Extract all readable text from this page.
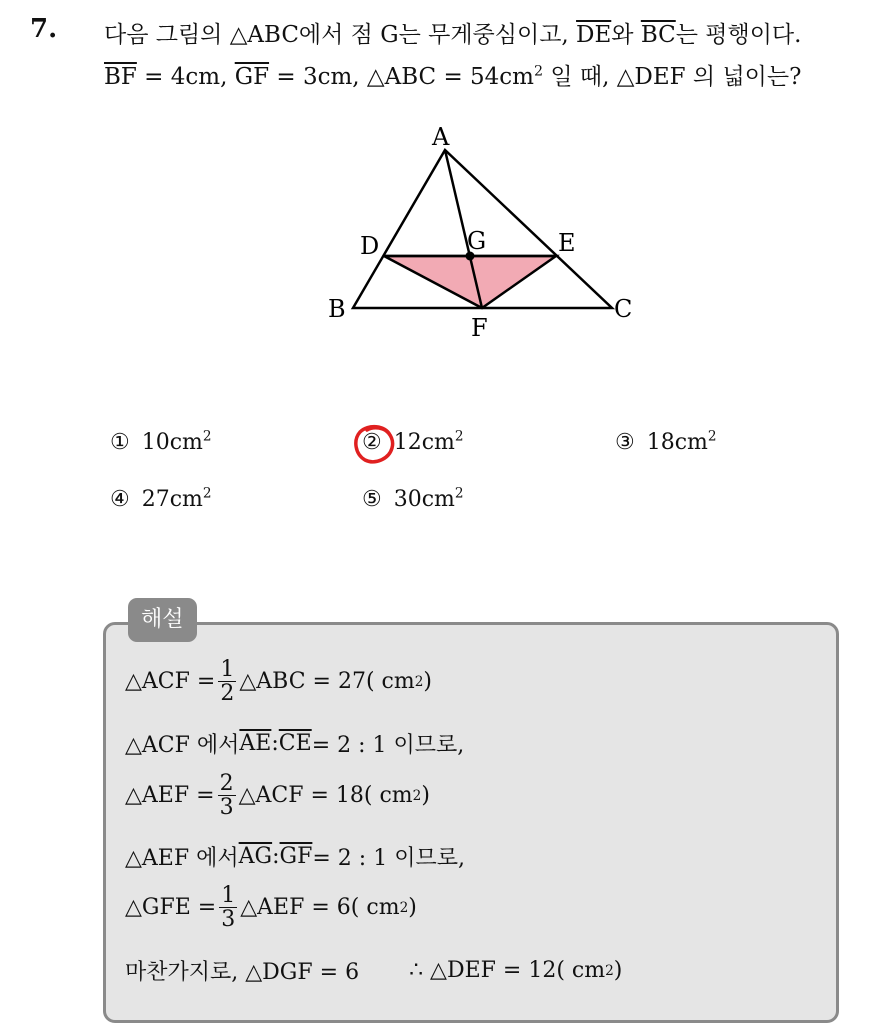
7. 다음 그림의 △ABC에서 점 G는 무게중심이고, $\overline{DE}$와 $\overline{BC}$는 평행이다.
$\overline{BF} = 4cm$, $\overline{GF} = 3cm$, △ABC = $54cm^2$ 일 때, △DEF 의 넓이는?
A
B	C
D	E
F
G
① $10cm^2$	② $12cm^2$	③ $18cm^2$
④ $27cm^2$	⑤ $30cm^2$
해설
△ACF = $\frac{1}{2}$ △ABC = 27( cm 2 )
△ACF 에서 $\overline{AE}$ : $\overline{CE} = 2$ : 1 이므로,
△AEF = $\frac{2}{3}$ △ACF = 18( cm 2 )
△AEF 에서 $\overline{AG}$ : $\overline{GF} = 2$ : 1 이므로,
△GFE = $\frac{1}{3}$ △AEF = 6( cm 2 )
마찬가지로, △DGF = 6 ∴ △DEF = 12( cm 2 )
